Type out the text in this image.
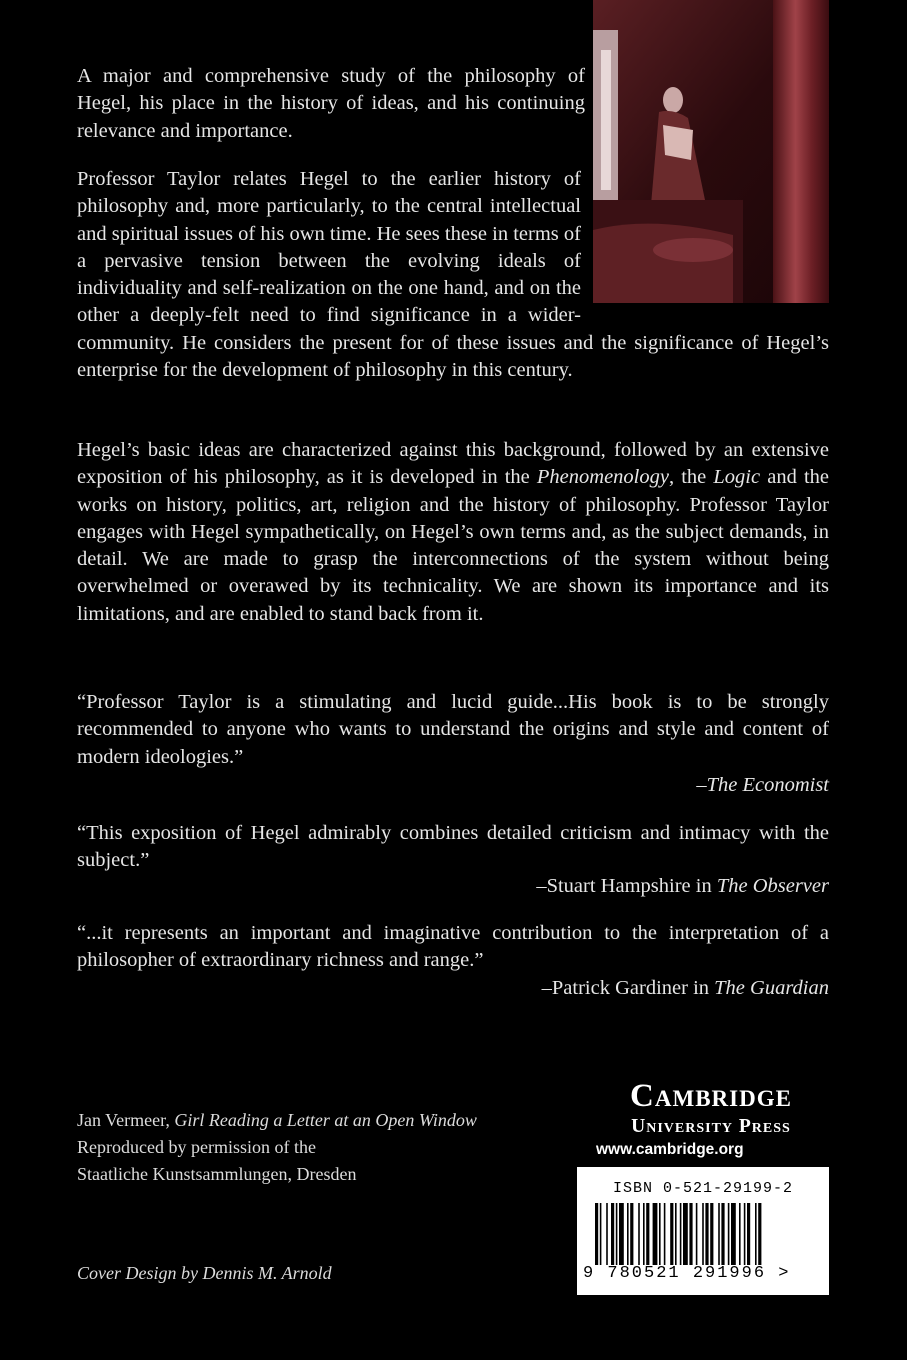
A major and comprehensive study of the philosophy of Hegel, his place in the history of ideas, and his continuing relevance and importance.

Professor Taylor relates Hegel to the earlier history of philosophy and, more particularly, to the central intellectual and spiritual issues of his own time. He sees these in terms of a pervasive tension between the evolving ideals of individuality and self-realization on the one hand, and on the other a deeply-felt need to find significance in a wider-community. He considers the present for of these issues and the significance of Hegel’s enterprise for the development of philosophy in this century.

Hegel’s basic ideas are characterized against this background, followed by an extensive exposition of his philosophy, as it is developed in the Phenomenology, the Logic and the works on history, politics, art, religion and the history of philosophy. Professor Taylor engages with Hegel sympathetically, on Hegel’s own terms and, as the subject demands, in detail. We are made to grasp the interconnections of the system without being overwhelmed or overawed by its technicality. We are shown its importance and its limitations, and are enabled to stand back from it.

“Professor Taylor is a stimulating and lucid guide...His book is to be strongly recommended to anyone who wants to understand the origins and style and content of modern ideologies.”

–The Economist

“This exposition of Hegel admirably combines detailed criticism and intimacy with the subject.”

–Stuart Hampshire in The Observer

“...it represents an important and imaginative contribution to the interpretation of a philosopher of extraordinary richness and range.”

–Patrick Gardiner in The Guardian
Jan Vermeer, Girl Reading a Letter at an Open Window
Reproduced by permission of the
Staatliche Kunstsammlungen, Dresden
Cover Design by Dennis M. Arnold
Cambridge
University Press
www.cambridge.org
ISBN 0-521-29199-2
9 780521 291996 >
